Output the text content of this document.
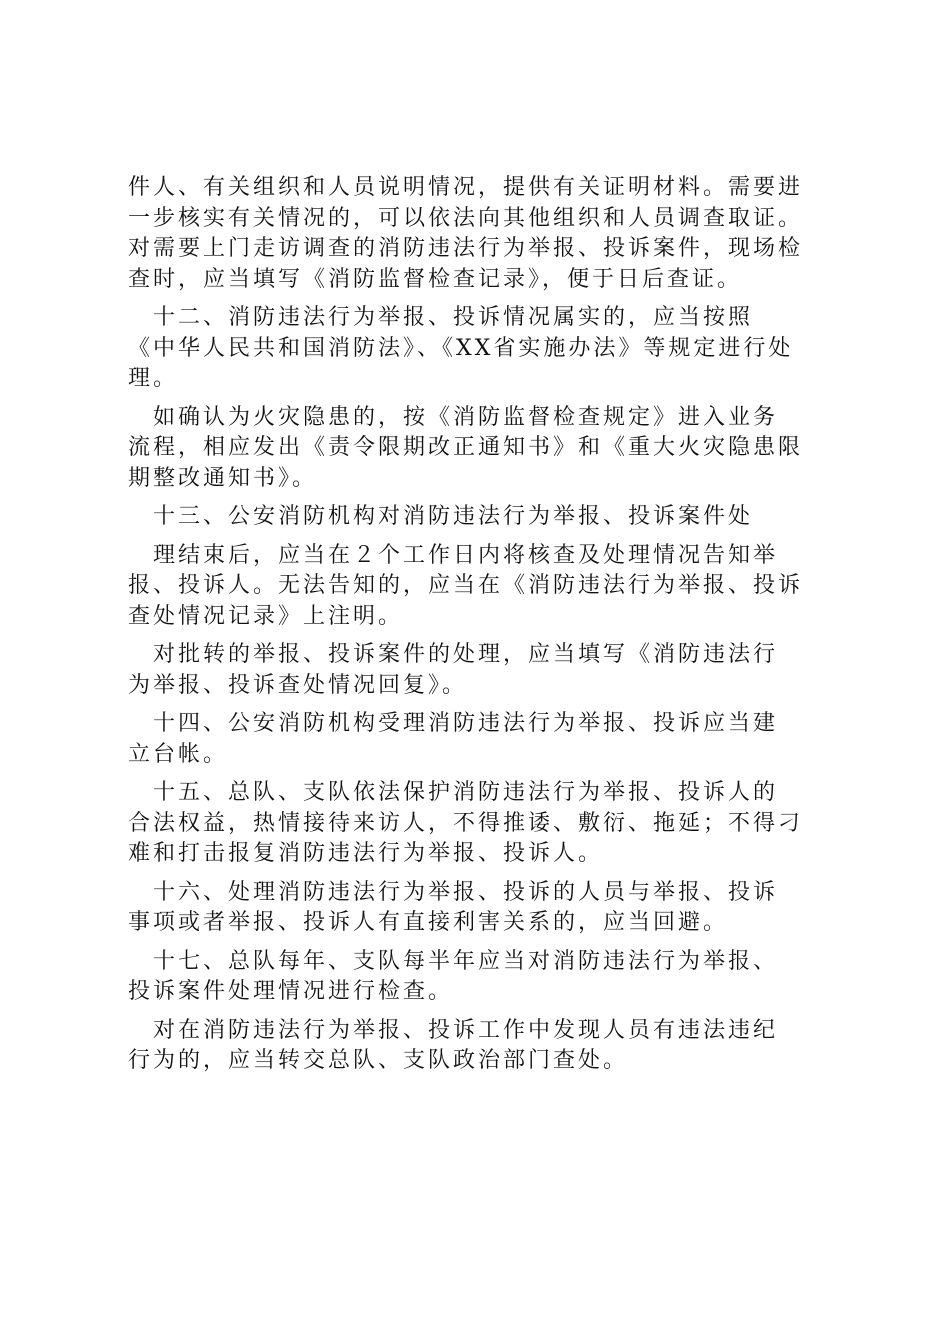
件人、有关组织和人员说明情况，提供有关证明材料。需要进
一步核实有关情况的，可以依法向其他组织和人员调查取证。
对需要上门走访调查的消防违法行为举报、投诉案件，现场检
查时，应当填写《消防监督检查记录》，便于日后查证。
　十二、消防违法行为举报、投诉情况属实的，应当按照
《中华人民共和国消防法》、《XX省实施办法》等规定进行处
理。
　如确认为火灾隐患的，按《消防监督检查规定》进入业务
流程，相应发出《责令限期改正通知书》和《重大火灾隐患限
期整改通知书》。
　十三、公安消防机构对消防违法行为举报、投诉案件处
　理结束后，应当在２个工作日内将核查及处理情况告知举
报、投诉人。无法告知的，应当在《消防违法行为举报、投诉
查处情况记录》上注明。
　对批转的举报、投诉案件的处理，应当填写《消防违法行
为举报、投诉查处情况回复》。
　十四、公安消防机构受理消防违法行为举报、投诉应当建
立台帐。
　十五、总队、支队依法保护消防违法行为举报、投诉人的
合法权益，热情接待来访人，不得推诿、敷衍、拖延；不得刁
难和打击报复消防违法行为举报、投诉人。
　十六、处理消防违法行为举报、投诉的人员与举报、投诉
事项或者举报、投诉人有直接利害关系的，应当回避。
　十七、总队每年、支队每半年应当对消防违法行为举报、
投诉案件处理情况进行检查。
　对在消防违法行为举报、投诉工作中发现人员有违法违纪
行为的，应当转交总队、支队政治部门查处。
